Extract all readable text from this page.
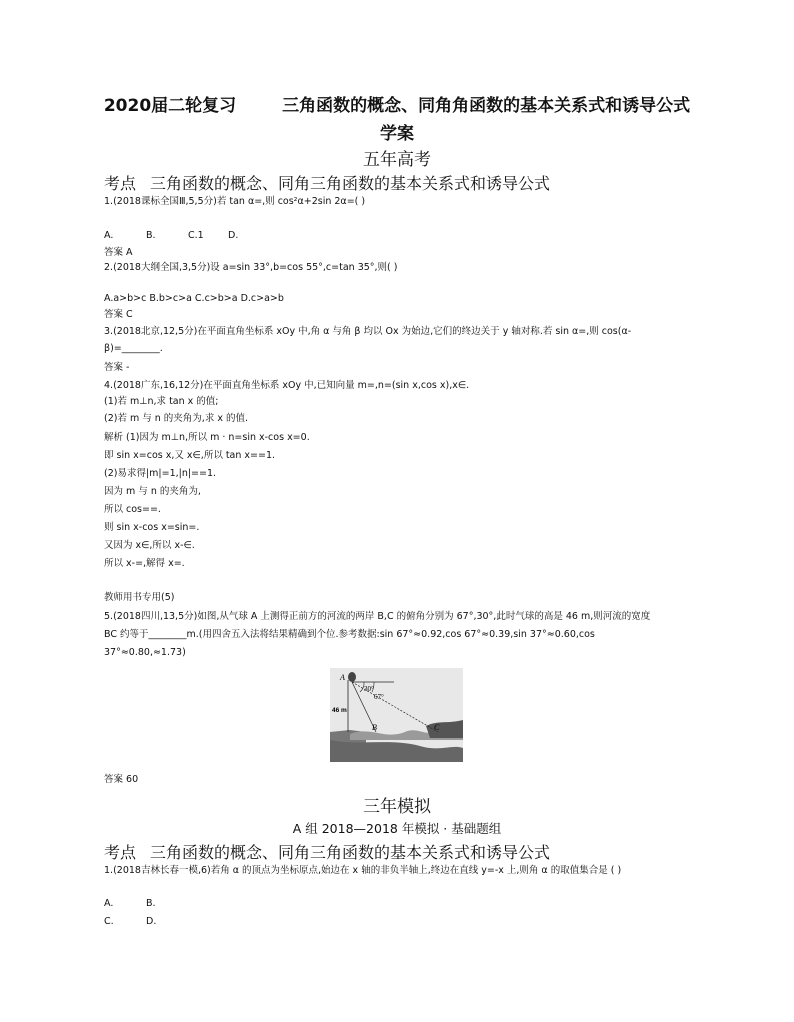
2020届二轮复习	三角函数的概念、同角角函数的基本关系式和诱导公式
学案
五年高考
考点 三角函数的概念、同角三角函数的基本关系式和诱导公式
1.(2018课标全国Ⅲ,5,5分)若 tan α=,则 cos²α+2sin 2α=( )
A.	B.	C.1	D.
答案 A
2.(2018大纲全国,3,5分)设 a=sin 33°,b=cos 55°,c=tan 35°,则( )
A.a>b>c B.b>c>a C.c>b>a D.c>a>b
答案 C
3.(2018北京,12,5分)在平面直角坐标系 xOy 中,角 α 与角 β 均以 Ox 为始边,它们的终边关于 y 轴对称.若 sin α=,则 cos(α-
β)=________.
答案 -
4.(2018广东,16,12分)在平面直角坐标系 xOy 中,已知向量 m=,n=(sin x,cos x),x∈.
(1)若 m⊥n,求 tan x 的值;
(2)若 m 与 n 的夹角为,求 x 的值.
解析 (1)因为 m⊥n,所以 m · n=sin x-cos x=0.
即 sin x=cos x,又 x∈,所以 tan x==1.
(2)易求得|m|=1,|n|==1.
因为 m 与 n 的夹角为,
所以 cos==.
则 sin x-cos x=sin=.
又因为 x∈,所以 x-∈.
所以 x-=,解得 x=.
教师用书专用(5)
5.(2018四川,13,5分)如图,从气球 A 上测得正前方的河流的两岸 B,C 的俯角分别为 67°,30°,此时气球的高是 46 m,则河流的宽度
BC 约等于________m.(用四舍五入法将结果精确到个位.参考数据:sin 67°≈0.92,cos 67°≈0.39,sin 37°≈0.60,cos
37°≈0.80,≈1.73)
A
30°
67°
46 m
B	C
答案 60
三年模拟
A 组 2018—2018 年模拟 · 基础题组
考点 三角函数的概念、同角三角函数的基本关系式和诱导公式
1.(2018吉林长春一模,6)若角 α 的顶点为坐标原点,始边在 x 轴的非负半轴上,终边在直线 y=-x 上,则角 α 的取值集合是 ( )
A.	B.
C.	D.
